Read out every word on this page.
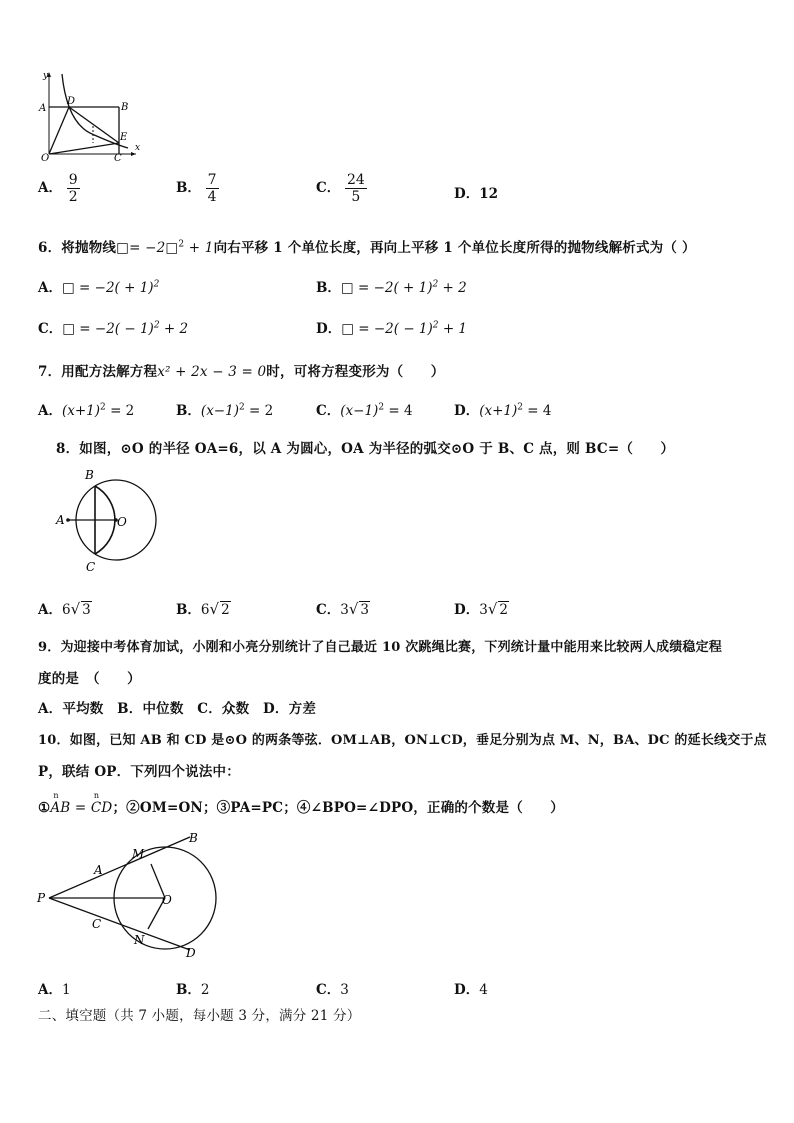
y
x
A
D
B
E
O	C
A． $\frac{9}{2}$	B． $\frac{7}{4}$	C． $\frac{24}{5}$	D．12
6．将抛物线□= −2□$^2$ + 1向右平移 1 个单位长度，再向上平移 1 个单位长度所得的抛物线解析式为（ ）
A．□ = $-2( + 1)^2$	B．□ = $-2( + 1)^2 + 2$
C．□ = $-2( - 1)^2 + 2$	D．□ = $-2( - 1)^2 + 1$
7．用配方法解方程x² + 2x − 3 = 0时，可将方程变形为（　　）
A．$(x+1)^2 = 2$	B．$(x-1)^2 = 2$	C．$(x-1)^2 = 4$	D．$(x+1)^2 = 4$
8．如图，⊙O 的半径 OA=6，以 A 为圆心，OA 为半径的弧交⊙O 于 B、C 点，则 BC=（　　）
B
A	O
C
A．6√ 3	B．6√ 2	C．3√ 3	D．3√ 2
9．为迎接中考体育加试，小刚和小亮分别统计了自己最近 10 次跳绳比赛，下列统计量中能用来比较两人成绩稳定程
度的是　（　　）
A．平均数　B．中位数　C．众数　D．方差
10．如图，已知 AB 和 CD 是⊙O 的两条等弦．OM⊥AB，ON⊥CD，垂足分别为点 M、N，BA、DC 的延长线交于点
P，联结 OP．下列四个说法中：
①
n
AB =
n
CD；②OM=ON；③PA=PC；④∠BPO=∠DPO，正确的个数是（　　）
B
M
A
P	O
C
N
D
A．1	B．2	C．3	D．4
二、填空题（共 7 小题，每小题 3 分，满分 21 分）
